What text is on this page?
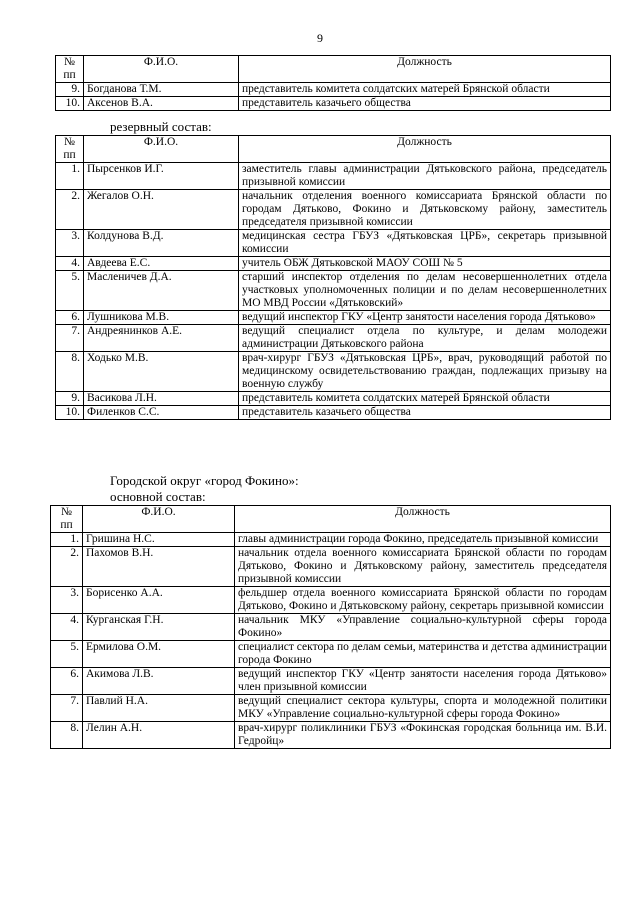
9
№ пп	Ф.И.О.	Должность
9.	Богданова Т.М.	представитель комитета солдатских матерей Брянской области
10.	Аксенов В.А.	представитель казачьего общества
резервный состав:
№ пп	Ф.И.О.	Должность
1.	Пырсенков И.Г.	заместитель главы администрации Дятьковского района, председатель призывной комиссии
2.	Жегалов О.Н.	начальник отделения военного комиссариата Брянской области по городам Дятьково, Фокино и Дятьковскому району, заместитель председателя призывной комиссии
3.	Колдунова В.Д.	медицинская сестра ГБУЗ «Дятьковская ЦРБ», секретарь призывной комиссии
4.	Авдеева Е.С.	учитель ОБЖ Дятьковской МАОУ СОШ № 5
5.	Масленичев Д.А.	старший инспектор отделения по делам несовершеннолетних отдела участковых уполномоченных полиции и по делам несовершеннолетних МО МВД России «Дятьковский»
6.	Лушникова М.В.	ведущий инспектор ГКУ «Центр занятости населения города Дятьково»
7.	Андреянинков А.Е.	ведущий специалист отдела по культуре, и делам молодежи администрации Дятьковского района
8.	Ходько М.В.	врач-хирург ГБУЗ «Дятьковская ЦРБ», врач, руководящий работой по медицинскому освидетельствованию граждан, подлежащих призыву на военную службу
9.	Васикова Л.Н.	представитель комитета солдатских матерей Брянской области
10.	Филенков С.С.	представитель казачьего общества
Городской округ «город Фокино»:
основной состав:
№ пп	Ф.И.О.	Должность
1.	Гришина Н.С.	главы администрации города Фокино, председатель призывной комиссии
2.	Пахомов В.Н.	начальник отдела военного комиссариата Брянской области по городам Дятьково, Фокино и Дятьковскому району, заместитель председателя призывной комиссии
3.	Борисенко А.А.	фельдшер отдела военного комиссариата Брянской области по городам Дятьково, Фокино и Дятьковскому району, секретарь призывной комиссии
4.	Курганская Г.Н.	начальник МКУ «Управление социально-культурной сферы города Фокино»
5.	Ермилова О.М.	специалист сектора по делам семьи, материнства и детства администрации города Фокино
6.	Акимова Л.В.	ведущий инспектор ГКУ «Центр занятости населения города Дятьково» член призывной комиссии
7.	Павлий Н.А.	ведущий специалист сектора культуры, спорта и молодежной политики МКУ «Управление социально-культурной сферы города Фокино»
8.	Лелин А.Н.	врач-хирург поликлиники ГБУЗ «Фокинская городская больница им. В.И. Гедройц»
